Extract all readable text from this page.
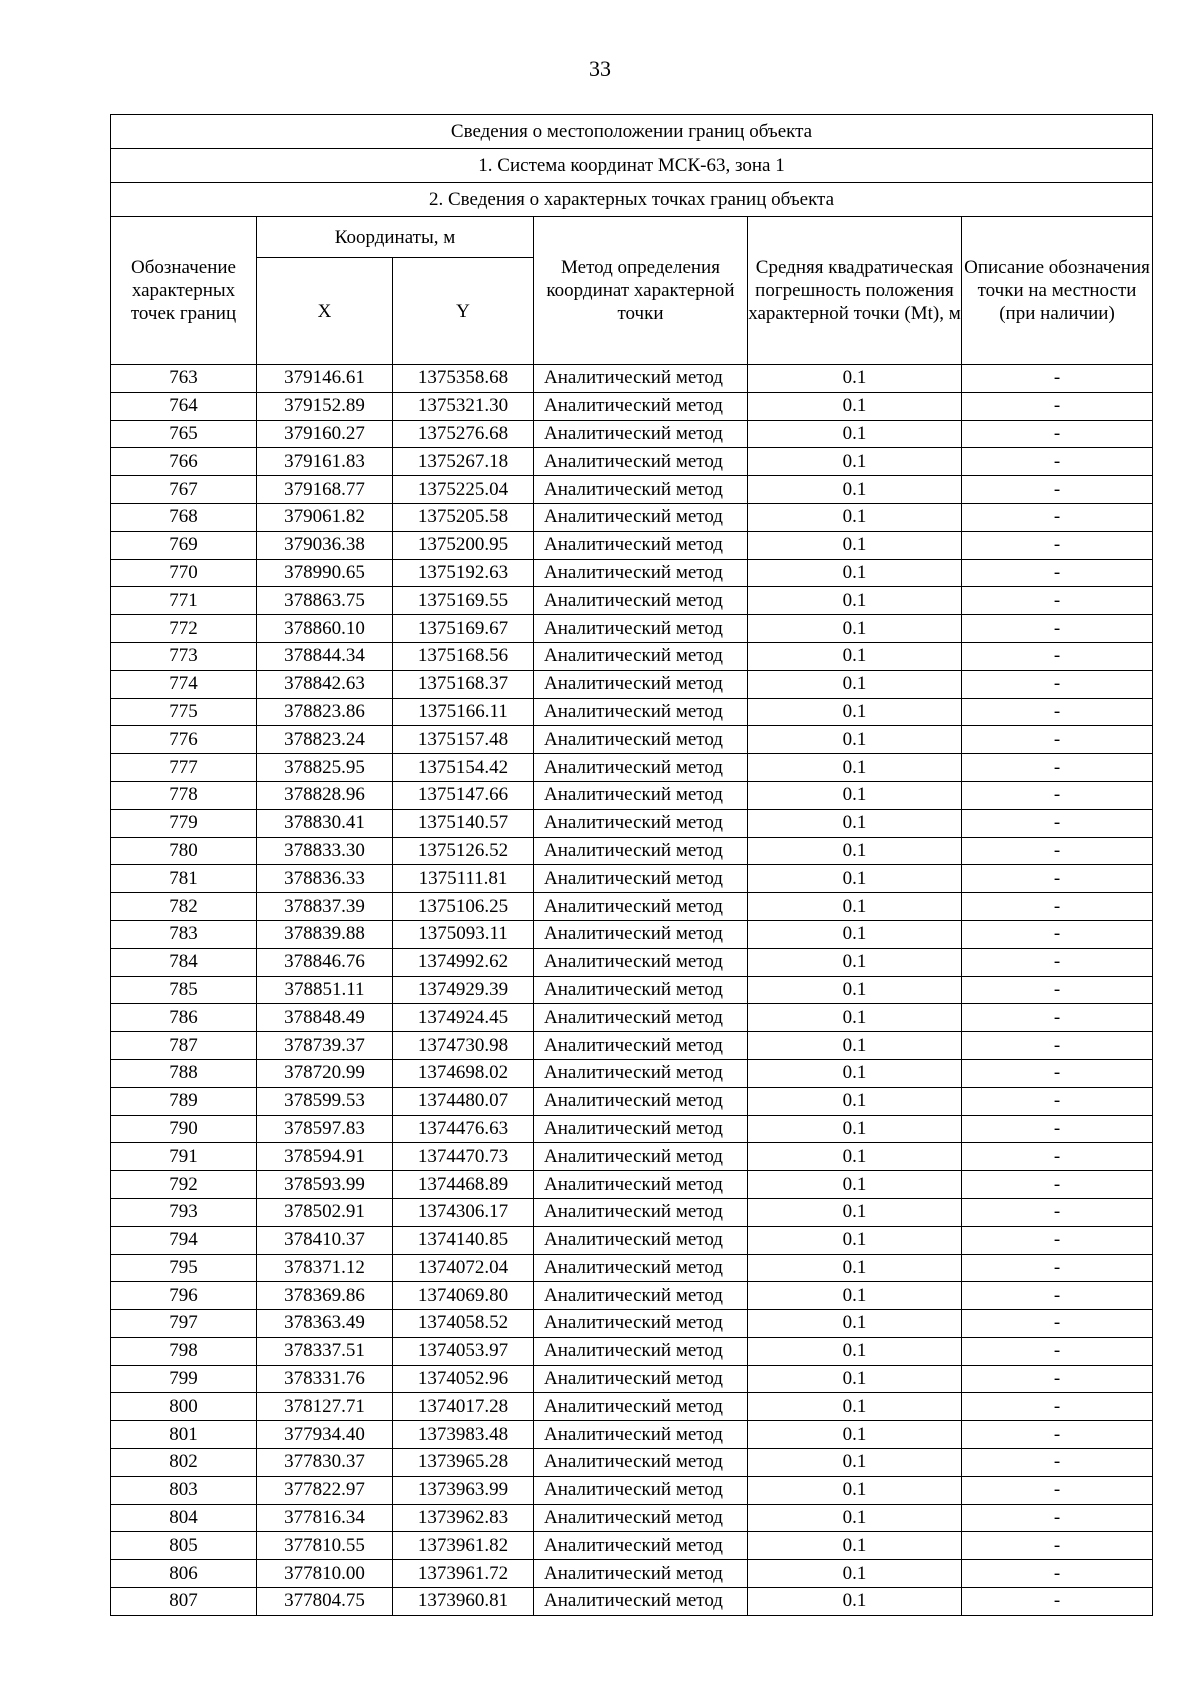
33
Сведения о местоположении границ объекта					
1. Система координат МСК-63, зона 1					
2. Сведения о характерных точках границ объекта					
Обозначение характерных точек границ	Координаты, м		Метод определения координат характерной точки	Средняя квадратическая погрешность положения характерной точки (Mt), м	Описание обозначения точки на местности (при наличии)
	X	Y			
763	379146.61	1375358.68	Аналитический метод	0.1	-
764	379152.89	1375321.30	Аналитический метод	0.1	-
765	379160.27	1375276.68	Аналитический метод	0.1	-
766	379161.83	1375267.18	Аналитический метод	0.1	-
767	379168.77	1375225.04	Аналитический метод	0.1	-
768	379061.82	1375205.58	Аналитический метод	0.1	-
769	379036.38	1375200.95	Аналитический метод	0.1	-
770	378990.65	1375192.63	Аналитический метод	0.1	-
771	378863.75	1375169.55	Аналитический метод	0.1	-
772	378860.10	1375169.67	Аналитический метод	0.1	-
773	378844.34	1375168.56	Аналитический метод	0.1	-
774	378842.63	1375168.37	Аналитический метод	0.1	-
775	378823.86	1375166.11	Аналитический метод	0.1	-
776	378823.24	1375157.48	Аналитический метод	0.1	-
777	378825.95	1375154.42	Аналитический метод	0.1	-
778	378828.96	1375147.66	Аналитический метод	0.1	-
779	378830.41	1375140.57	Аналитический метод	0.1	-
780	378833.30	1375126.52	Аналитический метод	0.1	-
781	378836.33	1375111.81	Аналитический метод	0.1	-
782	378837.39	1375106.25	Аналитический метод	0.1	-
783	378839.88	1375093.11	Аналитический метод	0.1	-
784	378846.76	1374992.62	Аналитический метод	0.1	-
785	378851.11	1374929.39	Аналитический метод	0.1	-
786	378848.49	1374924.45	Аналитический метод	0.1	-
787	378739.37	1374730.98	Аналитический метод	0.1	-
788	378720.99	1374698.02	Аналитический метод	0.1	-
789	378599.53	1374480.07	Аналитический метод	0.1	-
790	378597.83	1374476.63	Аналитический метод	0.1	-
791	378594.91	1374470.73	Аналитический метод	0.1	-
792	378593.99	1374468.89	Аналитический метод	0.1	-
793	378502.91	1374306.17	Аналитический метод	0.1	-
794	378410.37	1374140.85	Аналитический метод	0.1	-
795	378371.12	1374072.04	Аналитический метод	0.1	-
796	378369.86	1374069.80	Аналитический метод	0.1	-
797	378363.49	1374058.52	Аналитический метод	0.1	-
798	378337.51	1374053.97	Аналитический метод	0.1	-
799	378331.76	1374052.96	Аналитический метод	0.1	-
800	378127.71	1374017.28	Аналитический метод	0.1	-
801	377934.40	1373983.48	Аналитический метод	0.1	-
802	377830.37	1373965.28	Аналитический метод	0.1	-
803	377822.97	1373963.99	Аналитический метод	0.1	-
804	377816.34	1373962.83	Аналитический метод	0.1	-
805	377810.55	1373961.82	Аналитический метод	0.1	-
806	377810.00	1373961.72	Аналитический метод	0.1	-
807	377804.75	1373960.81	Аналитический метод	0.1	-
